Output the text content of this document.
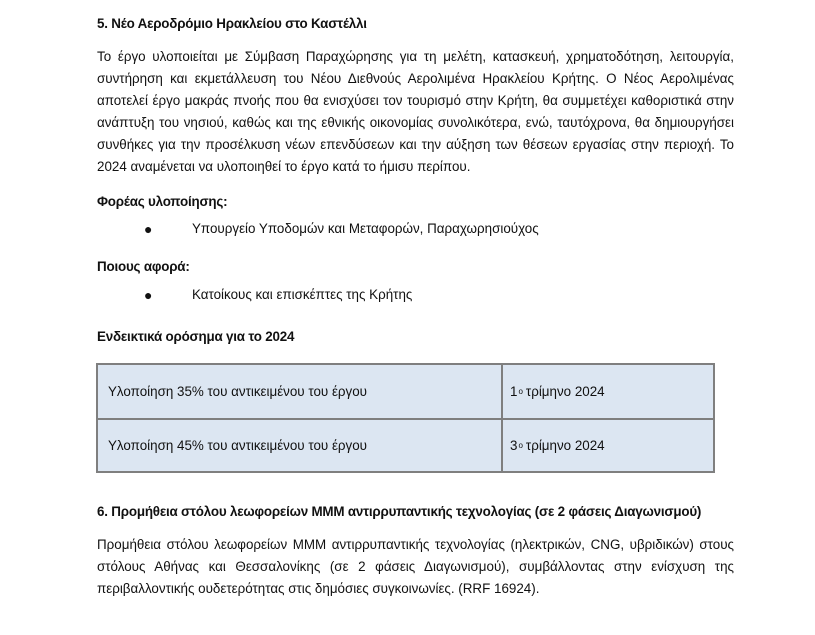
5. Νέο Αεροδρόμιο Ηρακλείου στο Καστέλλι

Το έργο υλοποιείται με Σύμβαση Παραχώρησης για τη μελέτη, κατασκευή, χρηματοδότηση, λειτουργία, συντήρηση και εκμετάλλευση του Νέου Διεθνούς Αερολιμένα Ηρακλείου Κρήτης. Ο Νέος Αερολιμένας αποτελεί έργο μακράς πνοής που θα ενισχύσει τον τουρισμό στην Κρήτη, θα συμμετέχει καθοριστικά στην ανάπτυξη του νησιού, καθώς και της εθνικής οικονομίας συνολικότερα, ενώ, ταυτόχρονα, θα δημιουργήσει συνθήκες για την προσέλκυση νέων επενδύσεων και την αύξηση των θέσεων εργασίας στην περιοχή. Το 2024 αναμένεται να υλοποιηθεί το έργο κατά το ήμισυ περίπου.

Φορέας υλοποίησης:
●	Υπουργείο Υποδομών και Μεταφορών, Παραχωρησιούχος
Ποιους αφορά:
●	Κατοίκους και επισκέπτες της Κρήτης
Ενδεικτικά ορόσημα για το 2024
Υλοποίηση 35% του αντικειμένου του έργου	1 ο τρίμηνο 2024
Υλοποίηση 45% του αντικειμένου του έργου	3 ο τρίμηνο 2024
6. Προμήθεια στόλου λεωφορείων ΜΜΜ αντιρρυπαντικής τεχνολογίας (σε 2 φάσεις Διαγωνισμού)

Προμήθεια στόλου λεωφορείων ΜΜΜ αντιρρυπαντικής τεχνολογίας (ηλεκτρικών, CNG, υβριδικών) στους στόλους Αθήνας και Θεσσαλονίκης (σε 2 φάσεις Διαγωνισμού), συμβάλλοντας στην ενίσχυση της περιβαλλοντικής ουδετερότητας στις δημόσιες συγκοινωνίες. (RRF 16924).
